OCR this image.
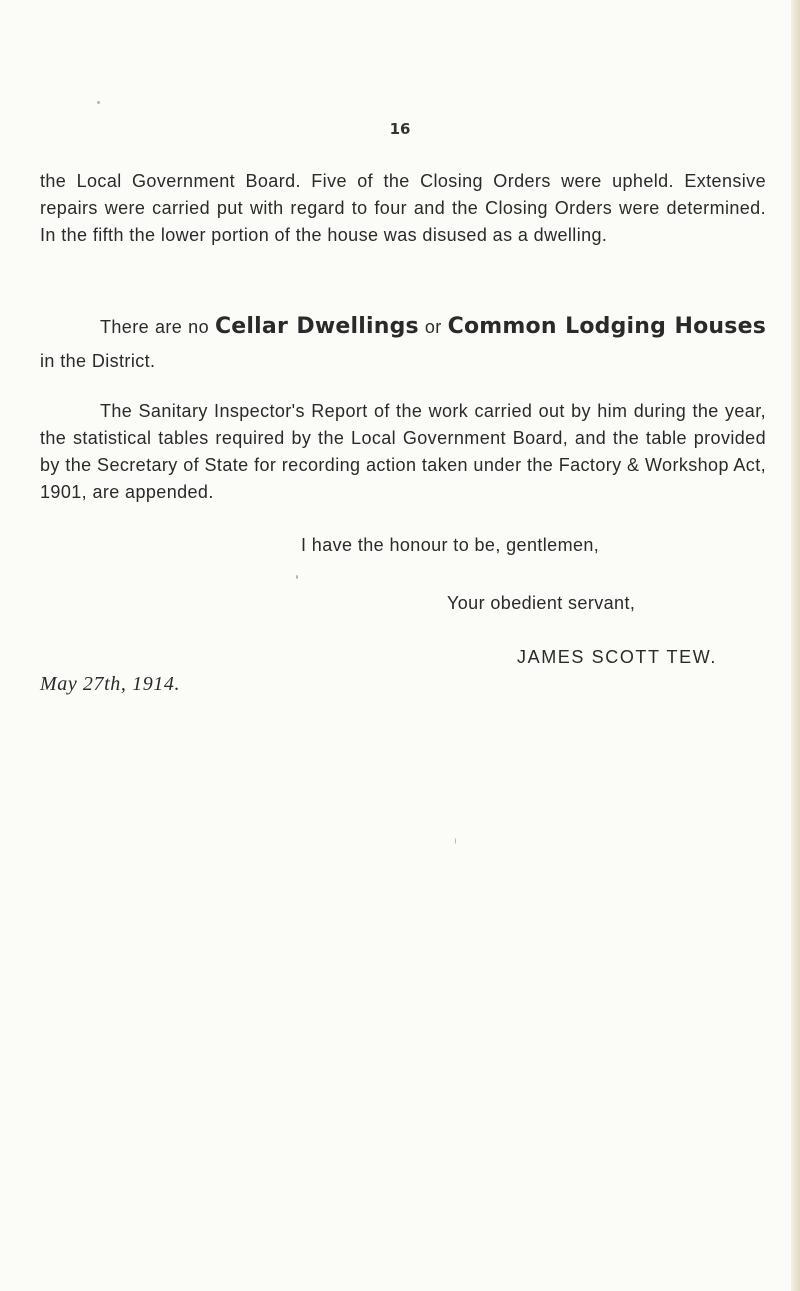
16

the Local Government Board. Five of the Closing Orders were upheld. Extensive repairs were carried put with regard to four and the Closing Orders were determined. In the fifth the lower portion of the house was disused as a dwelling.

There are no Cellar Dwellings or Common Lodging Houses in the District.

The Sanitary Inspector's Report of the work carried out by him during the year, the statistical tables required by the Local Government Board, and the table provided by the Secretary of State for recording action taken under the Factory & Workshop Act, 1901, are appended.

I have the honour to be, gentlemen,

Your obedient servant,

JAMES SCOTT TEW.

May 27th, 1914.
